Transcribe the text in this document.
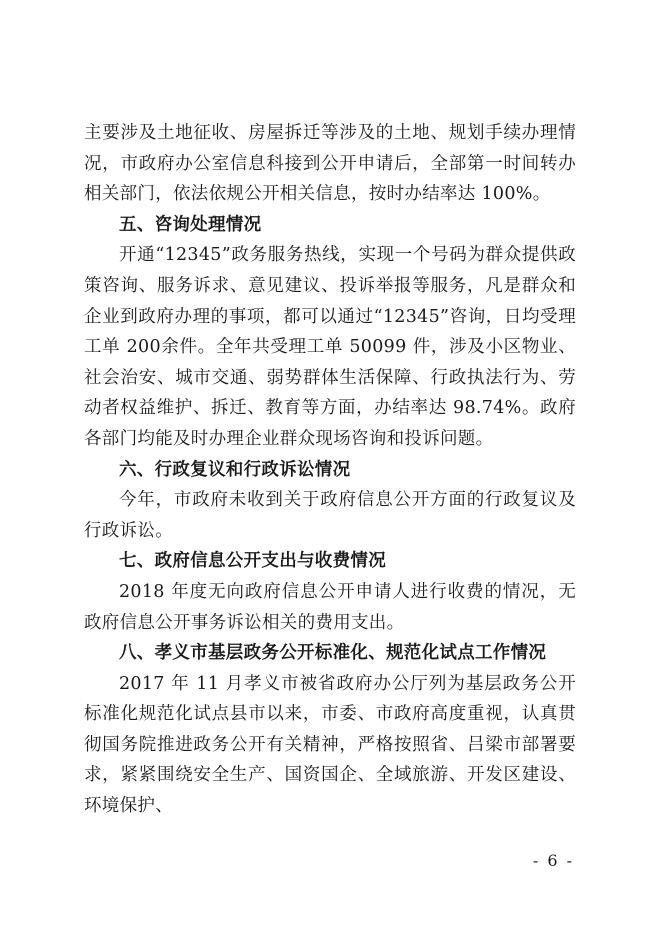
主要涉及土地征收、房屋拆迁等涉及的土地、规划手续办理情况，市政府办公室信息科接到公开申请后，全部第一时间转办相关部门，依法依规公开相关信息，按时办结率达 100%。

五、咨询处理情况

开通“12345”政务服务热线，实现一个号码为群众提供政策咨询、服务诉求、意见建议、投诉举报等服务，凡是群众和企业到政府办理的事项，都可以通过“12345”咨询，日均受理工单 200余件。全年共受理工单 50099 件，涉及小区物业、社会治安、城市交通、弱势群体生活保障、行政执法行为、劳动者权益维护、拆迁、教育等方面，办结率达 98.74%。政府各部门均能及时办理企业群众现场咨询和投诉问题。

六、行政复议和行政诉讼情况

今年，市政府未收到关于政府信息公开方面的行政复议及行政诉讼。

七、政府信息公开支出与收费情况

2018 年度无向政府信息公开申请人进行收费的情况，无政府信息公开事务诉讼相关的费用支出。

八、孝义市基层政务公开标准化、规范化试点工作情况

2017 年 11 月孝义市被省政府办公厅列为基层政务公开标准化规范化试点县市以来，市委、市政府高度重视，认真贯彻国务院推进政务公开有关精神，严格按照省、吕梁市部署要求，紧紧围绕安全生产、国资国企、全域旅游、开发区建设、环境保护、

- 6 -
